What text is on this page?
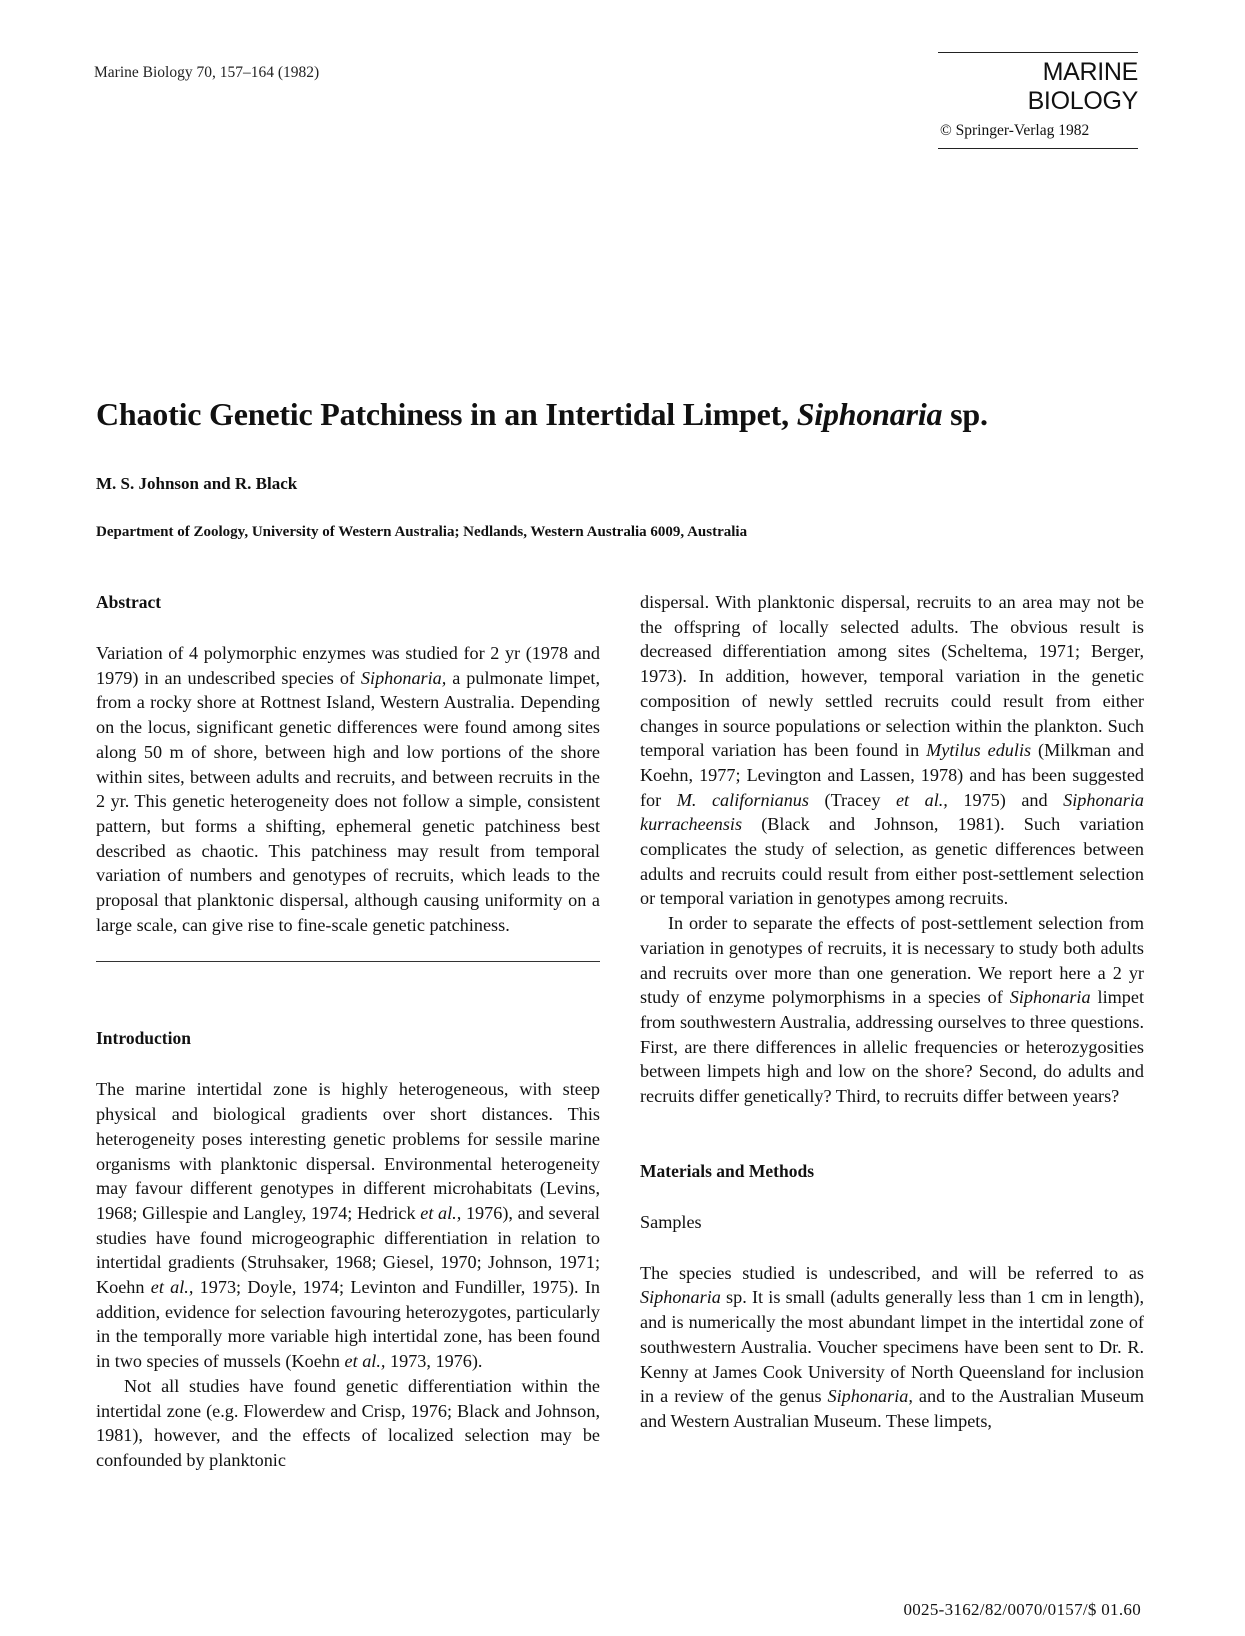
Marine Biology 70, 157–164 (1982)	MARINE BIOLOGY
© Springer-Verlag 1982
Chaotic Genetic Patchiness in an Intertidal Limpet, Siphonaria sp.
M. S. Johnson and R. Black
Department of Zoology, University of Western Australia; Nedlands, Western Australia 6009, Australia
Abstract

Variation of 4 polymorphic enzymes was studied for 2 yr (1978 and 1979) in an undescribed species of Siphonaria, a pulmonate limpet, from a rocky shore at Rottnest Island, Western Australia. Depending on the locus, significant genetic differences were found among sites along 50 m of shore, between high and low portions of the shore within sites, between adults and recruits, and between recruits in the 2 yr. This genetic heterogeneity does not follow a simple, consistent pattern, but forms a shifting, ephemeral genetic patchiness best described as chaotic. This patchiness may result from temporal variation of numbers and genotypes of recruits, which leads to the proposal that planktonic dispersal, although causing uniformity on a large scale, can give rise to fine-scale genetic patchiness.

Introduction

The marine intertidal zone is highly heterogeneous, with steep physical and biological gradients over short distances. This heterogeneity poses interesting genetic problems for sessile marine organisms with planktonic dispersal. Environmental heterogeneity may favour different genotypes in different microhabitats (Levins, 1968; Gillespie and Langley, 1974; Hedrick et al., 1976), and several studies have found microgeographic differentiation in relation to intertidal gradients (Struhsaker, 1968; Giesel, 1970; Johnson, 1971; Koehn et al., 1973; Doyle, 1974; Levinton and Fundiller, 1975). In addition, evidence for selection favouring heterozygotes, particularly in the temporally more variable high intertidal zone, has been found in two species of mussels (Koehn et al., 1973, 1976).

Not all studies have found genetic differentiation within the intertidal zone (e.g. Flowerdew and Crisp, 1976; Black and Johnson, 1981), however, and the effects of localized selection may be confounded by planktonic

dispersal. With planktonic dispersal, recruits to an area may not be the offspring of locally selected adults. The obvious result is decreased differentiation among sites (Scheltema, 1971; Berger, 1973). In addition, however, temporal variation in the genetic composition of newly settled recruits could result from either changes in source populations or selection within the plankton. Such temporal variation has been found in Mytilus edulis (Milkman and Koehn, 1977; Levington and Lassen, 1978) and has been suggested for M. californianus (Tracey et al., 1975) and Siphonaria kurracheensis (Black and Johnson, 1981). Such variation complicates the study of selection, as genetic differences between adults and recruits could result from either post-settlement selection or temporal variation in genotypes among recruits.

In order to separate the effects of post-settlement selection from variation in genotypes of recruits, it is necessary to study both adults and recruits over more than one generation. We report here a 2 yr study of enzyme polymorphisms in a species of Siphonaria limpet from southwestern Australia, addressing ourselves to three questions. First, are there differences in allelic frequencies or heterozygosities between limpets high and low on the shore? Second, do adults and recruits differ genetically? Third, to recruits differ between years?

Materials and Methods
Samples

The species studied is undescribed, and will be referred to as Siphonaria sp. It is small (adults generally less than 1 cm in length), and is numerically the most abundant limpet in the intertidal zone of southwestern Australia. Voucher specimens have been sent to Dr. R. Kenny at James Cook University of North Queensland for inclusion in a review of the genus Siphonaria, and to the Australian Museum and Western Australian Museum. These limpets,

0025-3162/82/0070/0157/$ 01.60
